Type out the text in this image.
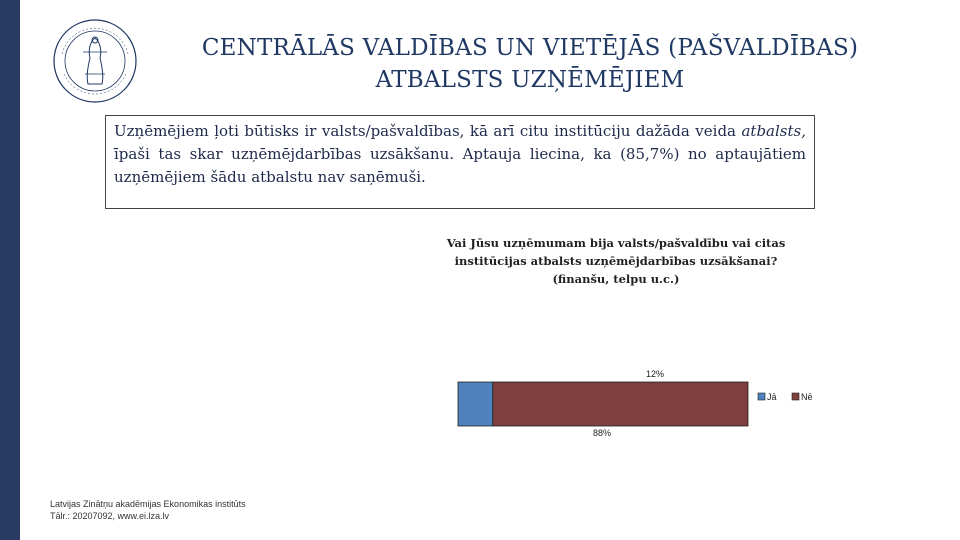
CENTRĀLĀS VALDĪBAS UN VIETĒJĀS (PAŠVALDĪBAS)
ATBALSTS UZŅĒMĒJIEM
Uzņēmējiem ļoti būtisks ir valsts/pašvaldības, kā arī citu institūciju dažāda veida atbalsts, īpaši tas skar uzņēmējdarbības uzsākšanu. Aptauja liecina, ka (85,7%) no aptaujātiem uzņēmējiem šādu atbalstu nav saņēmuši.
Vai Jūsu uzņēmumam bija valsts/pašvaldību vai citas institūcijas atbalsts uzņēmējdarbības uzsākšanai? (finanšu, telpu u.c.)
12%
88%
Jā	Nē
Latvijas Zinātņu akadēmijas Ekonomikas institūts
Tālr.: 20207092, www.ei.lza.lv
